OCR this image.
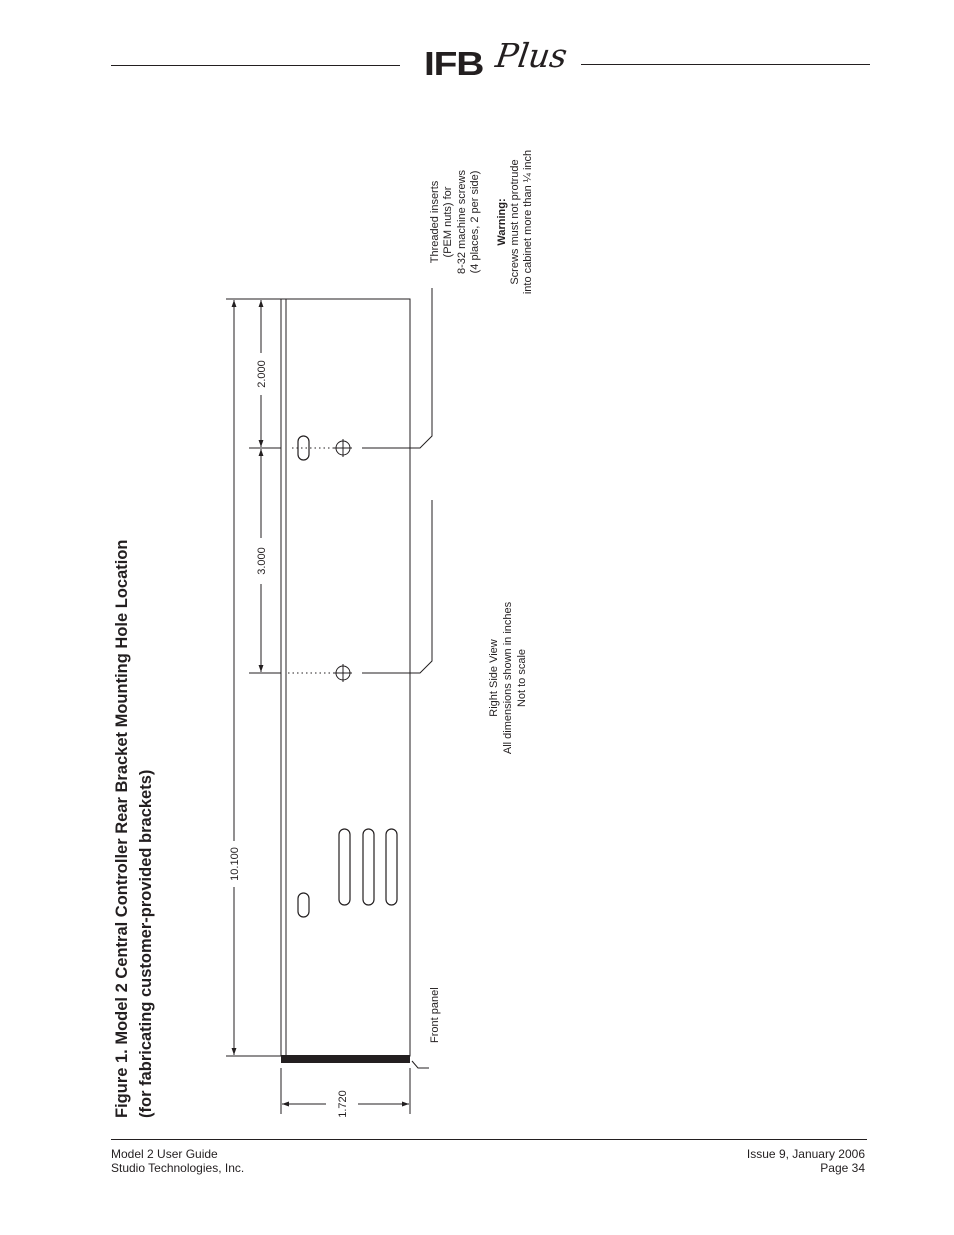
IFB Plus
Figure 1. Model 2 Central Controller Rear Bracket Mounting Hole Location (for fabricating customer-provided brackets)	10.100
2.000
3.000
1.720
Front panel
Threaded inserts (PEM nuts) for 8-32 machine screws (4 places, 2 per side) Warning: Screws must not protrude into cabinet more than ¼ inch
Right Side View All dimensions shown in inches Not to scale
Model 2 User Guide
Studio Technologies, Inc.
Issue 9, January 2006
Page 34
